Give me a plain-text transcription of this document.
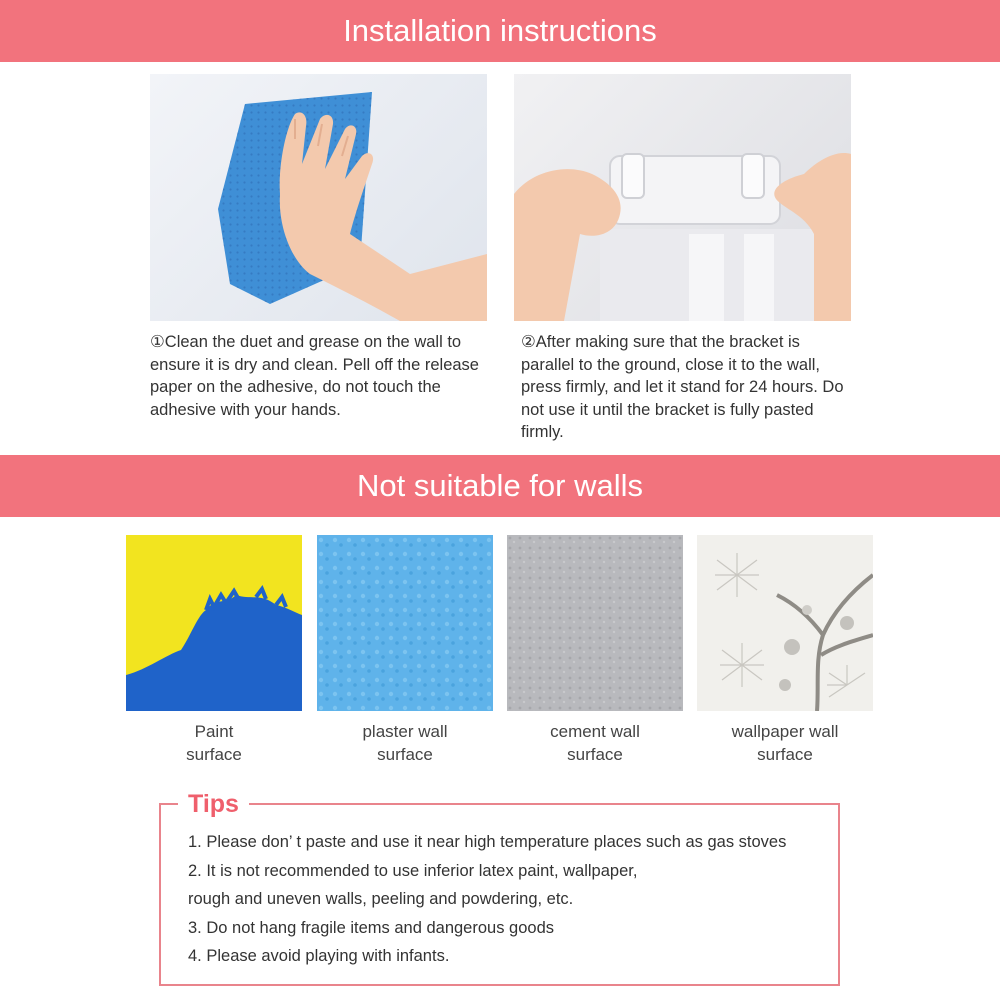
Installation instructions
①Clean the duet and grease on the wall to ensure it is dry and clean. Pell off the release paper on the adhesive, do not touch the adhesive with your hands.
②After making sure that the bracket is parallel to the ground, close it to the wall, press firmly, and let it stand for 24 hours. Do not use it until the bracket is fully pasted firmly.
Not suitable for walls
Paint
surface
plaster wall
surface
cement wall
surface
wallpaper wall
surface
Tips
1. Please don’ t paste and use it near high temperature places such as gas stoves
2. It is not recommended to use inferior latex paint, wallpaper,
rough and uneven walls, peeling and powdering, etc.
3. Do not hang fragile items and dangerous goods
4. Please avoid playing with infants.
